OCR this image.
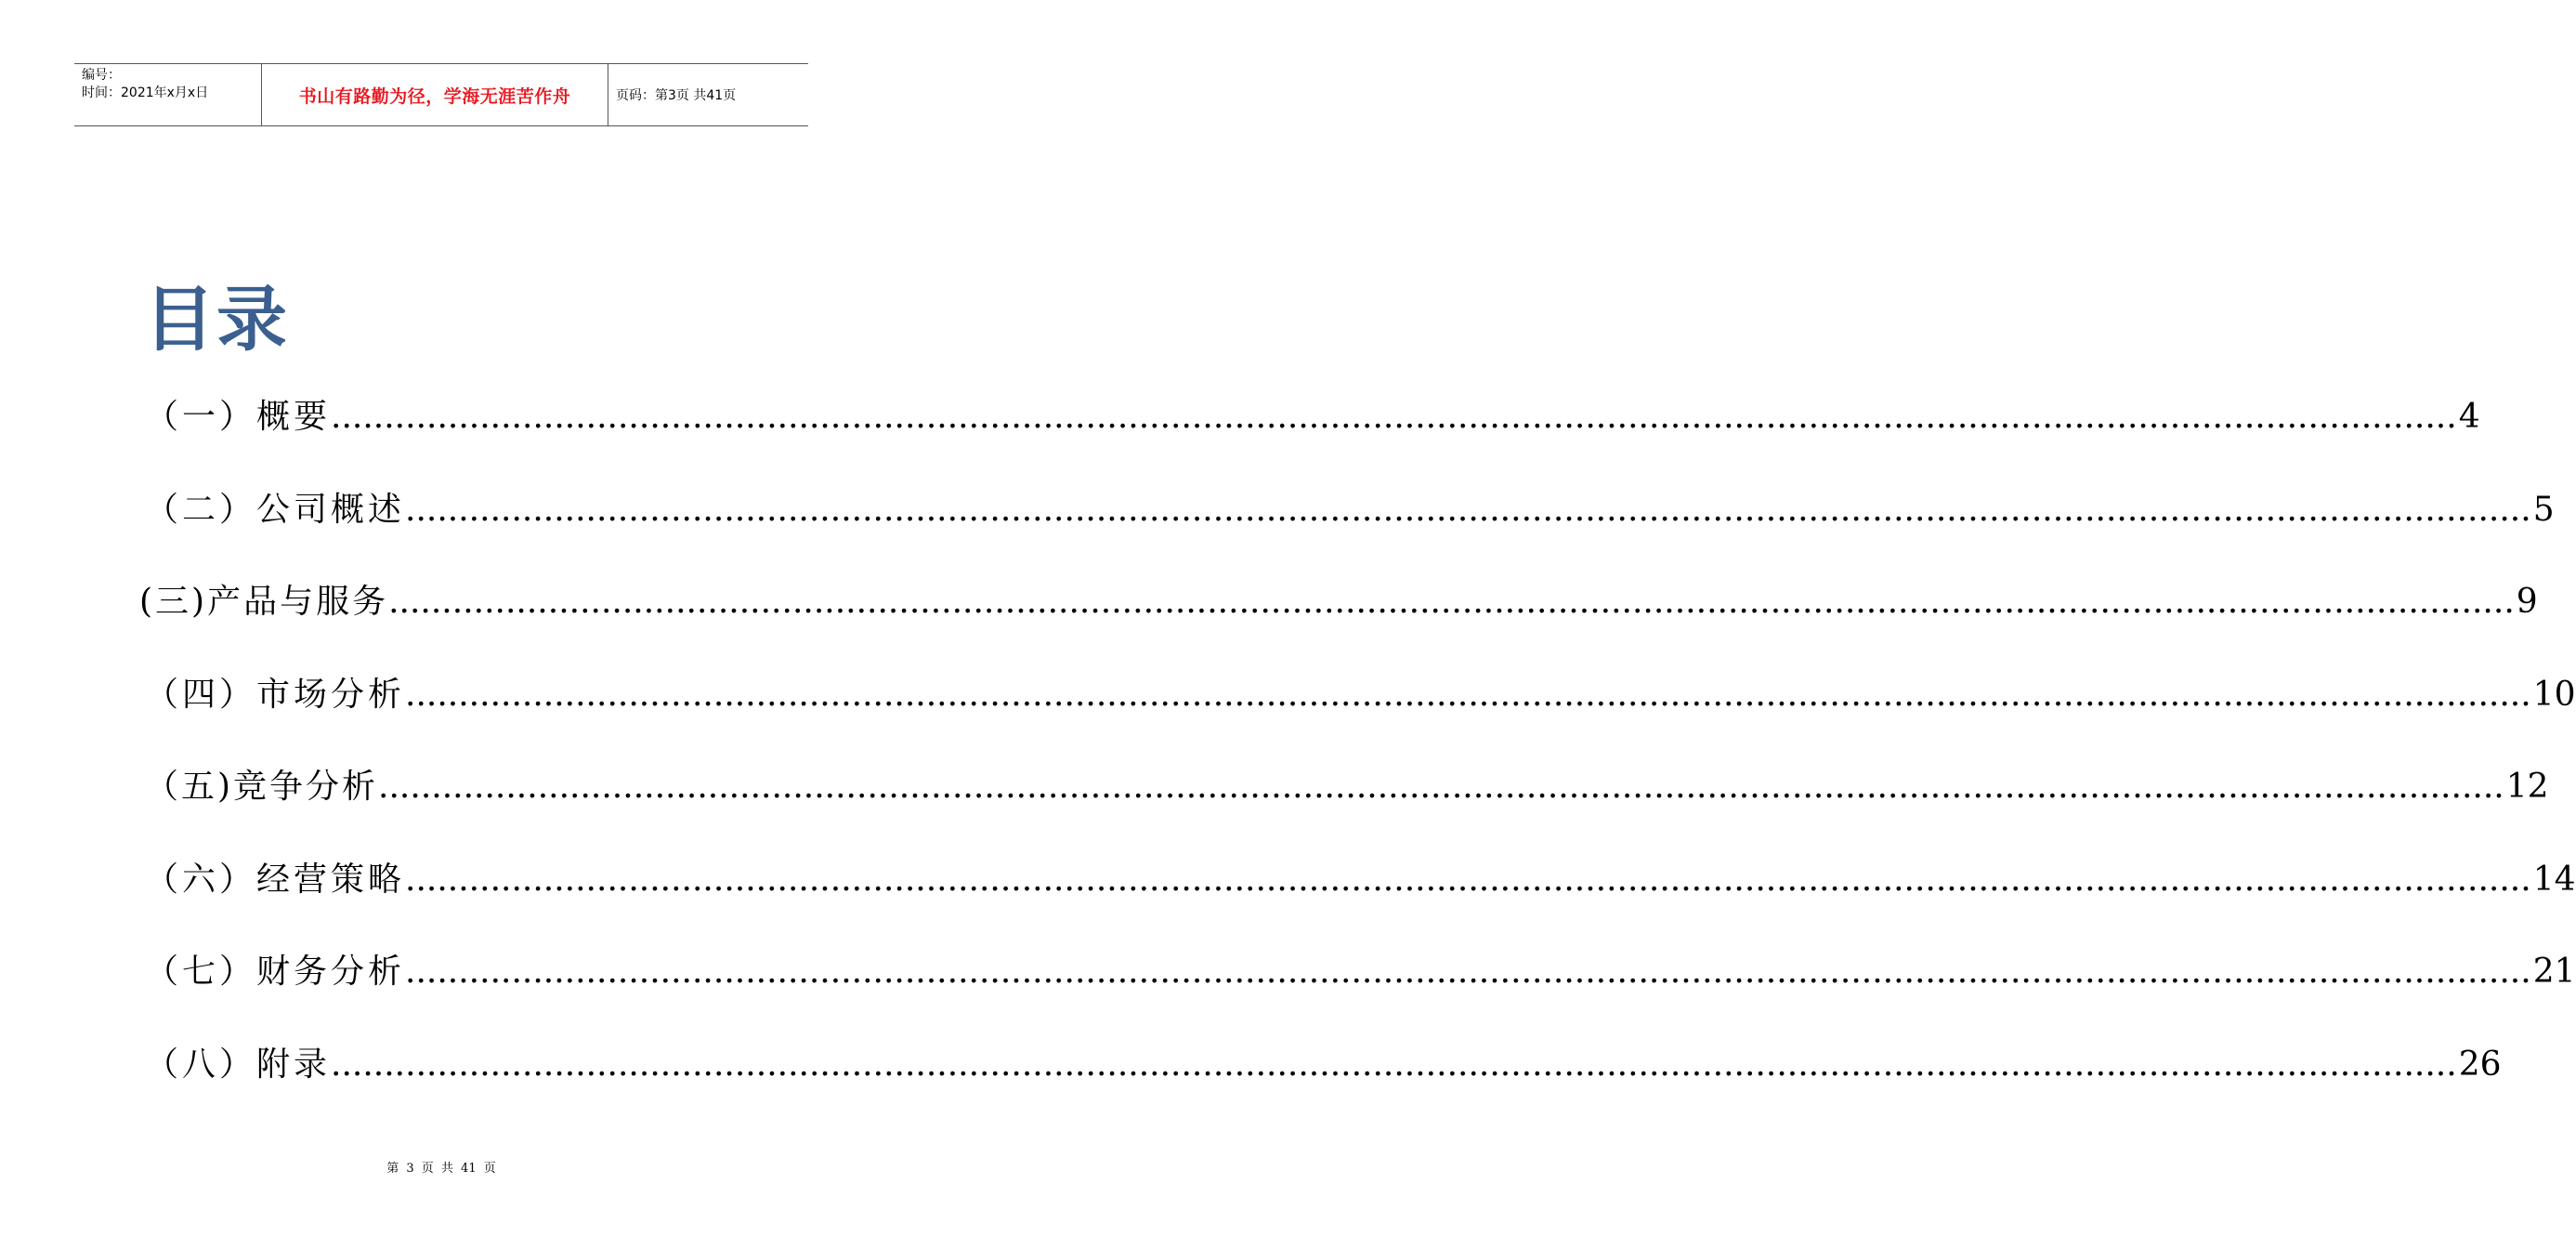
编号：
时间：2021年x月x日	书山有路勤为径，学海无涯苦作舟	页码：第3页 共41页
目录
（一）概要 ........................................................................................................................................................................................................ 4
（二）公司概述 ........................................................................................................................................................................................................ 5
(三)产品与服务 ........................................................................................................................................................................................................ 9
（四）市场分析 ........................................................................................................................................................................................................ 10
（五)竞争分析 ........................................................................................................................................................................................................ 12
（六）经营策略 ........................................................................................................................................................................................................ 14
（七）财务分析 ........................................................................................................................................................................................................ 21
（八）附录 ........................................................................................................................................................................................................ 26
第 3 页 共 41 页
